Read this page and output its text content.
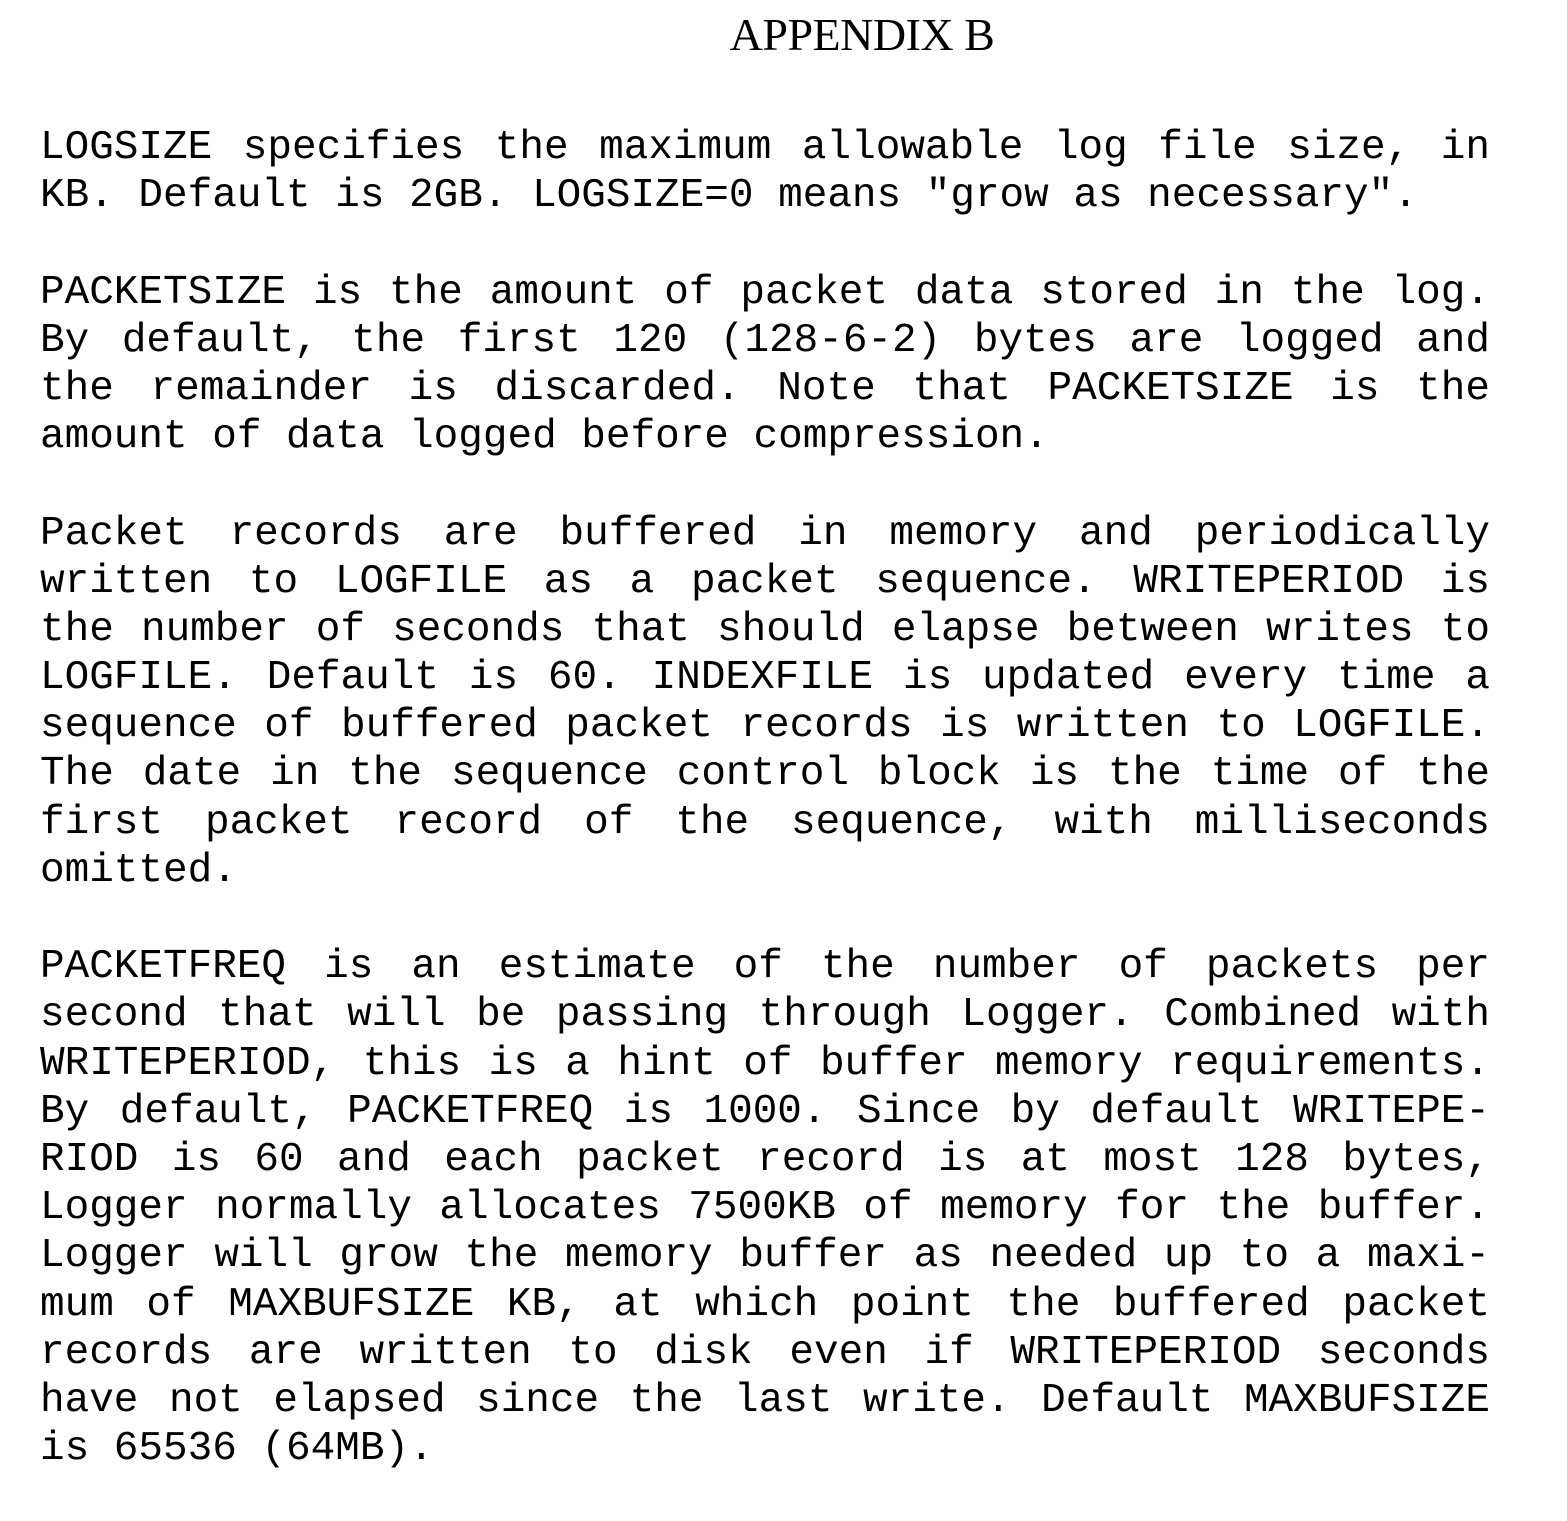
APPENDIX B
LOGSIZE specifies the maximum allowable log file size, in
KB. Default is 2GB. LOGSIZE=0 means "grow as necessary".
PACKETSIZE is the amount of packet data stored in the log.
By default, the first 120 (128-6-2) bytes are logged and
the remainder is discarded. Note that PACKETSIZE is the
amount of data logged before compression.
Packet records are buffered in memory and periodically
written to LOGFILE as a packet sequence. WRITEPERIOD is
the number of seconds that should elapse between writes to
LOGFILE. Default is 60. INDEXFILE is updated every time a
sequence of buffered packet records is written to LOGFILE.
The date in the sequence control block is the time of the
first packet record of the sequence, with milliseconds
omitted.
PACKETFREQ is an estimate of the number of packets per
second that will be passing through Logger. Combined with
WRITEPERIOD, this is a hint of buffer memory requirements.
By default, PACKETFREQ is 1000. Since by default WRITEPE-
RIOD is 60 and each packet record is at most 128 bytes,
Logger normally allocates 7500KB of memory for the buffer.
Logger will grow the memory buffer as needed up to a maxi-
mum of MAXBUFSIZE KB, at which point the buffered packet
records are written to disk even if WRITEPERIOD seconds
have not elapsed since the last write. Default MAXBUFSIZE
is 65536 (64MB).
